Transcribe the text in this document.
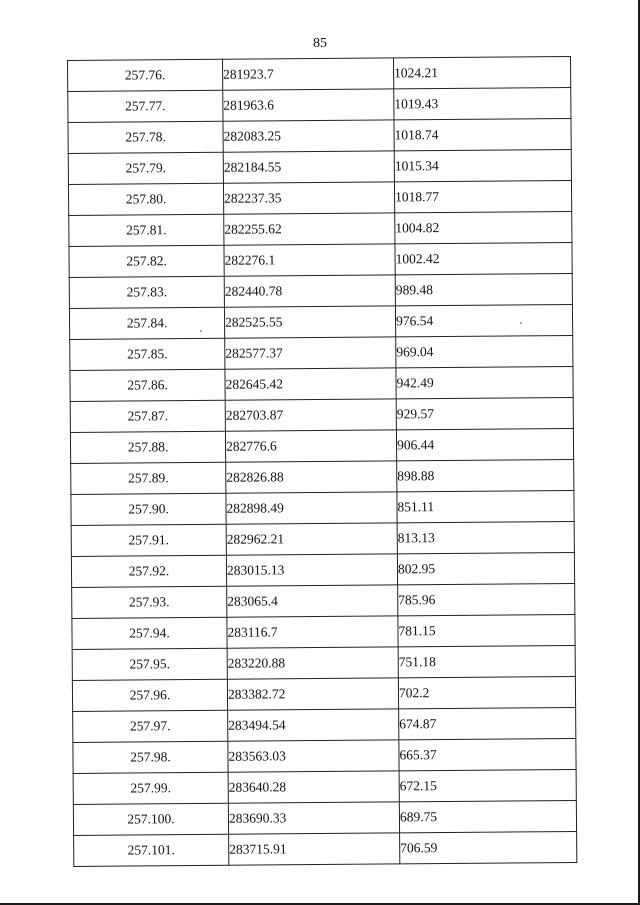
85
257.76.	281923.7	1024.21
257.77.	281963.6	1019.43
257.78.	282083.25	1018.74
257.79.	282184.55	1015.34
257.80.	282237.35	1018.77
257.81.	282255.62	1004.82
257.82.	282276.1	1002.42
257.83.	282440.78	989.48
257.84.	282525.55	976.54
257.85.	282577.37	969.04
257.86.	282645.42	942.49
257.87.	282703.87	929.57
257.88.	282776.6	906.44
257.89.	282826.88	898.88
257.90.	282898.49	851.11
257.91.	282962.21	813.13
257.92.	283015.13	802.95
257.93.	283065.4	785.96
257.94.	283116.7	781.15
257.95.	283220.88	751.18
257.96.	283382.72	702.2
257.97.	283494.54	674.87
257.98.	283563.03	665.37
257.99.	283640.28	672.15
257.100.	283690.33	689.75
257.101.	283715.91	706.59
